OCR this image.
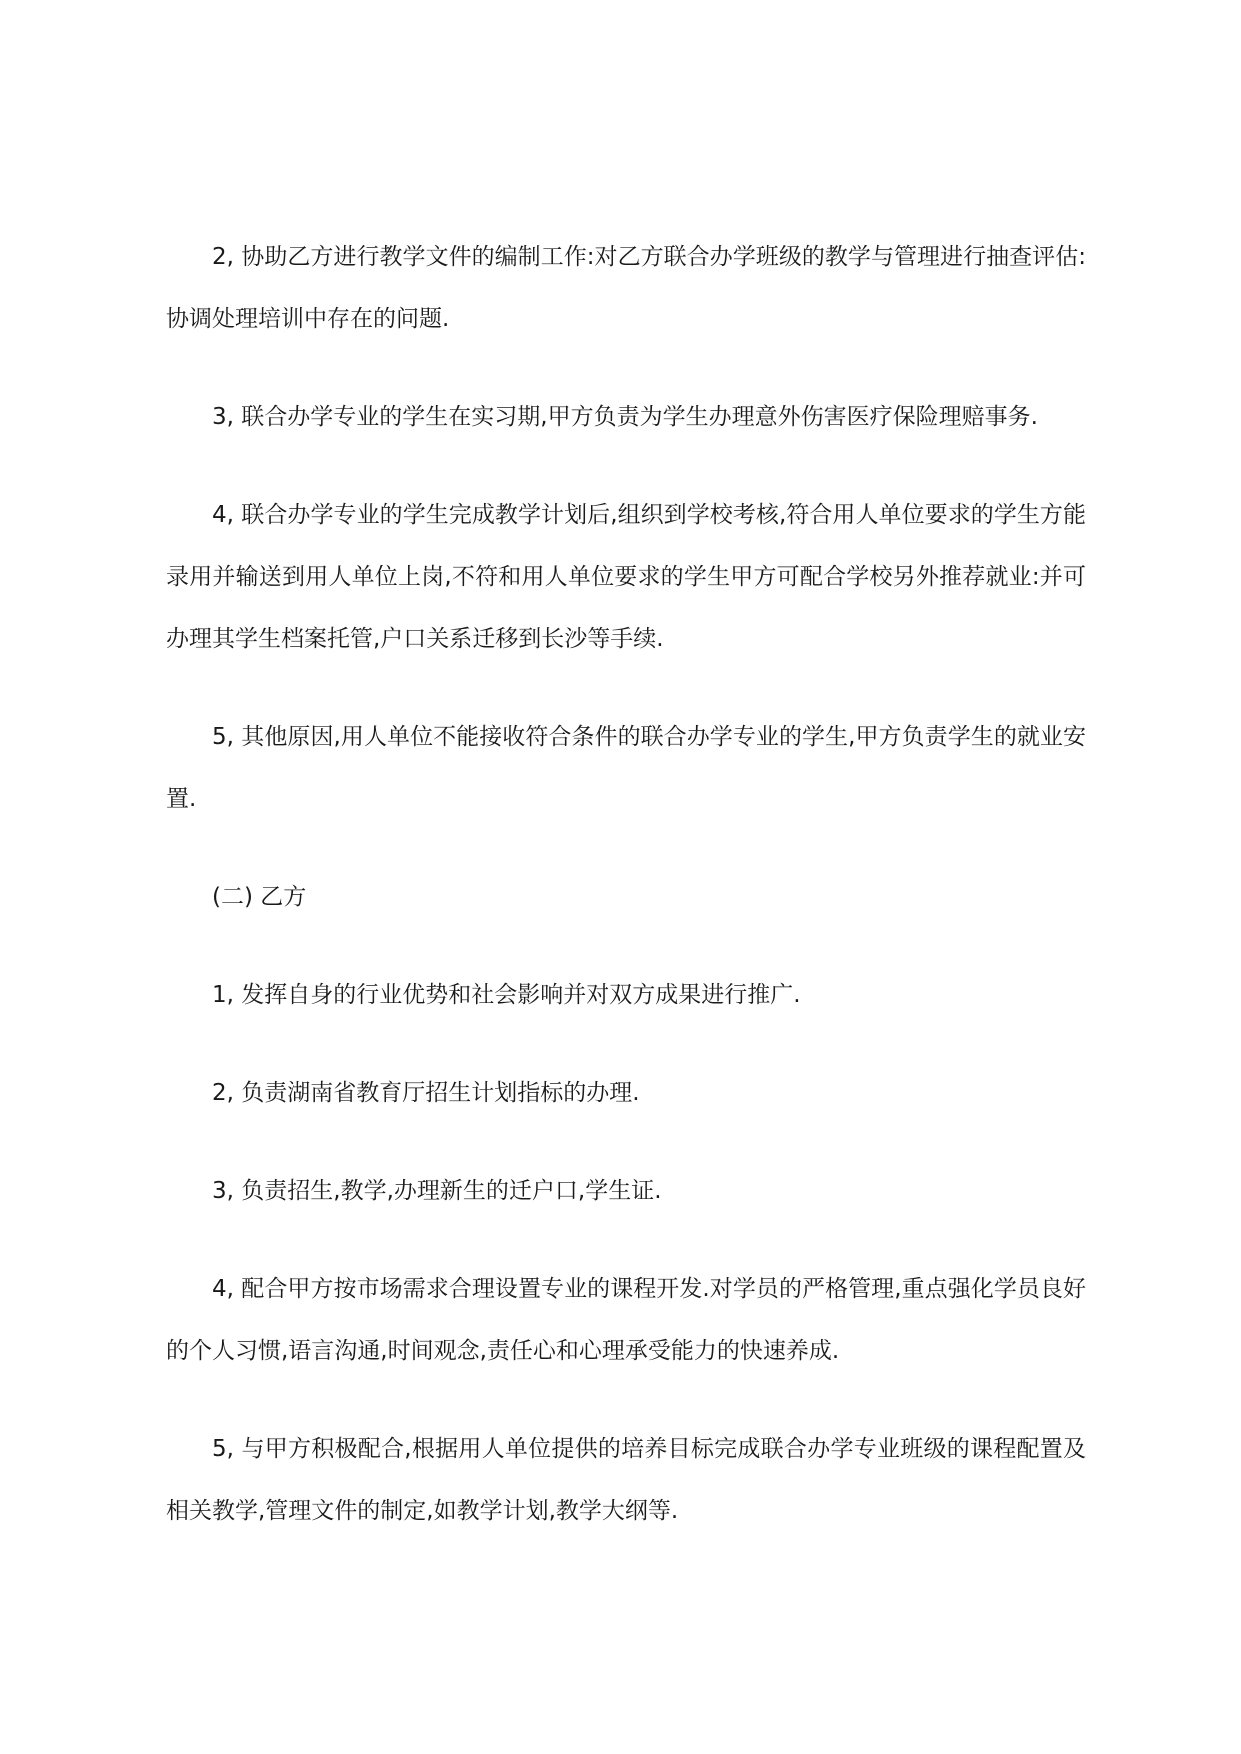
2, 协助乙方进行教学文件的编制工作:对乙方联合办学班级的教学与管理进行抽查评估:协调处理培训中存在的问题.

3, 联合办学专业的学生在实习期,甲方负责为学生办理意外伤害医疗保险理赔事务.

4, 联合办学专业的学生完成教学计划后,组织到学校考核,符合用人单位要求的学生方能录用并输送到用人单位上岗,不符和用人单位要求的学生甲方可配合学校另外推荐就业:并可办理其学生档案托管,户口关系迁移到长沙等手续.

5, 其他原因,用人单位不能接收符合条件的联合办学专业的学生,甲方负责学生的就业安置.

(二) 乙方

1, 发挥自身的行业优势和社会影响并对双方成果进行推广.

2, 负责湖南省教育厅招生计划指标的办理.

3, 负责招生,教学,办理新生的迁户口,学生证.

4, 配合甲方按市场需求合理设置专业的课程开发.对学员的严格管理,重点强化学员良好的个人习惯,语言沟通,时间观念,责任心和心理承受能力的快速养成.

5, 与甲方积极配合,根据用人单位提供的培养目标完成联合办学专业班级的课程配置及相关教学,管理文件的制定,如教学计划,教学大纲等.
